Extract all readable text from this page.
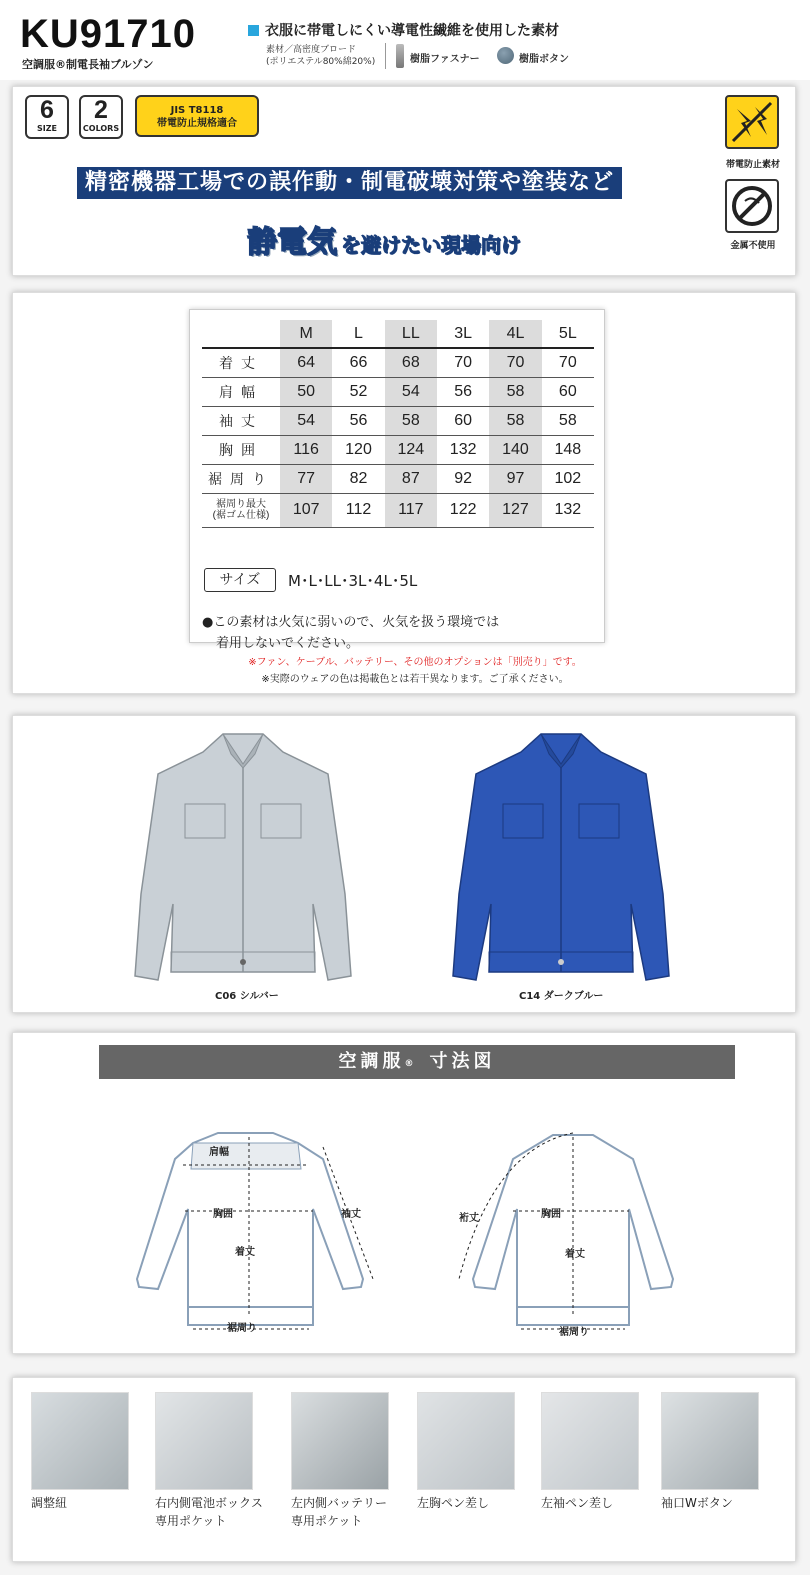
KU91710
空調服®制電長袖ブルゾン
衣服に帯電しにくい導電性繊維を使用した素材
素材／高密度ブロード
(ポリエステル80%綿20%)	樹脂ファスナー	樹脂ボタン
6
SIZE
2
COLORS
JIS T8118
帯電防止規格適合
精密機器工場での誤作動・制電破壊対策や塗装など
静電気 を避けたい現場向け
帯電防止素材
金属不使用
	M	L	LL	3L	4L	5L

着丈	64	66	68	70	70	70

肩幅	50	52	54	56	58	60

袖丈	54	56	58	60	58	58

胸囲	116	120	124	132	140	148

裾周り	77	82	87	92	97	102

裾周り最大
(裾ゴム仕様)	107	112	117	122	127	132
サイズ	M･L･LL･3L･4L･5L
●この素材は火気に弱いので、火気を扱う環境では
着用しないでください。
※ファン、ケーブル、バッテリー、その他のオプションは「別売り」です。
※実際のウェアの色は掲載色とは若干異なります。ご了承ください。
C06 シルバー	C14 ダークブルー
空調服® 寸法図
肩幅
胸囲
着丈
袖丈
裾周り
裄丈	胸囲
着丈
裾周り
調整紐	右内側電池ボックス
専用ポケット
左内側バッテリー
専用ポケット
左胸ペン差し	左袖ペン差し	袖口Wボタン
